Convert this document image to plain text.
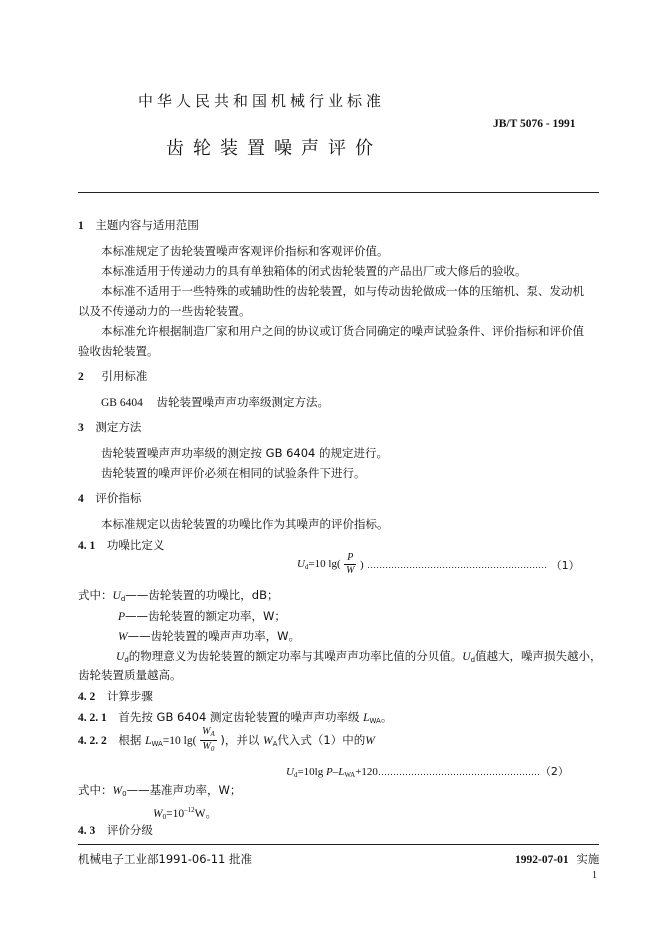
中华人民共和国机械行业标准
JB/T 5076 - 1991
齿轮装置噪声评价
1 主题内容与适用范围
本标准规定了齿轮装置噪声客观评价指标和客观评价值。
本标准适用于传递动力的具有单独箱体的闭式齿轮装置的产品出厂或大修后的验收。
本标准不适用于一些特殊的或辅助性的齿轮装置，如与传动齿轮做成一体的压缩机、泵、发动机
以及不传递动力的一些齿轮装置。
本标准允许根据制造厂家和用户之间的协议或订货合同确定的噪声试验条件、评价指标和评价值
验收齿轮装置。
2 引用标准
GB 6404 齿轮装置噪声声功率级测定方法。
3 测定方法
齿轮装置噪声声功率级的测定按 GB 6404 的规定进行。
齿轮装置的噪声评价必须在相同的试验条件下进行。
4 评价指标
本标准规定以齿轮装置的功噪比作为其噪声的评价指标。
4. 1 功噪比定义
$U_d=10$ $\lg( \frac{P}{W}$ ) …………………………………………………… （1）
式中：$U_d——$齿轮装置的功噪比，dB；
P——齿轮装置的额定功率，W；
W——齿轮装置的噪声声功率，W。
$U_d$的物理意义为齿轮装置的额定功率与其噪声声功率比值的分贝值。$U_d$值越大，噪声损失越小，
齿轮装置质量越高。
4. 2 计算步骤
4. 2. 1 首先按 GB 6404 测定齿轮装置的噪声声功率级 $L_{WA}$。
4. 2. 2 根据 $L_{WA}=10$ $\lg( \frac{W_A}{W_0}$ )，并以 $W_A$代入式（1）中的W
$U_d=10\lg$ $P-L_{WA}+120\dots\dots\dots\dots\dots\dots\dots\dots\dots\dots\dots\dots\dots\dots\dots\dots\dots\dots(2)$
式中：$W_0——$基准声功率，W；
$W_0=10^{-12}W$。
4. 3 评价分级
机械电子工业部1991-06-11 批准	1992-07-01 实施
1
